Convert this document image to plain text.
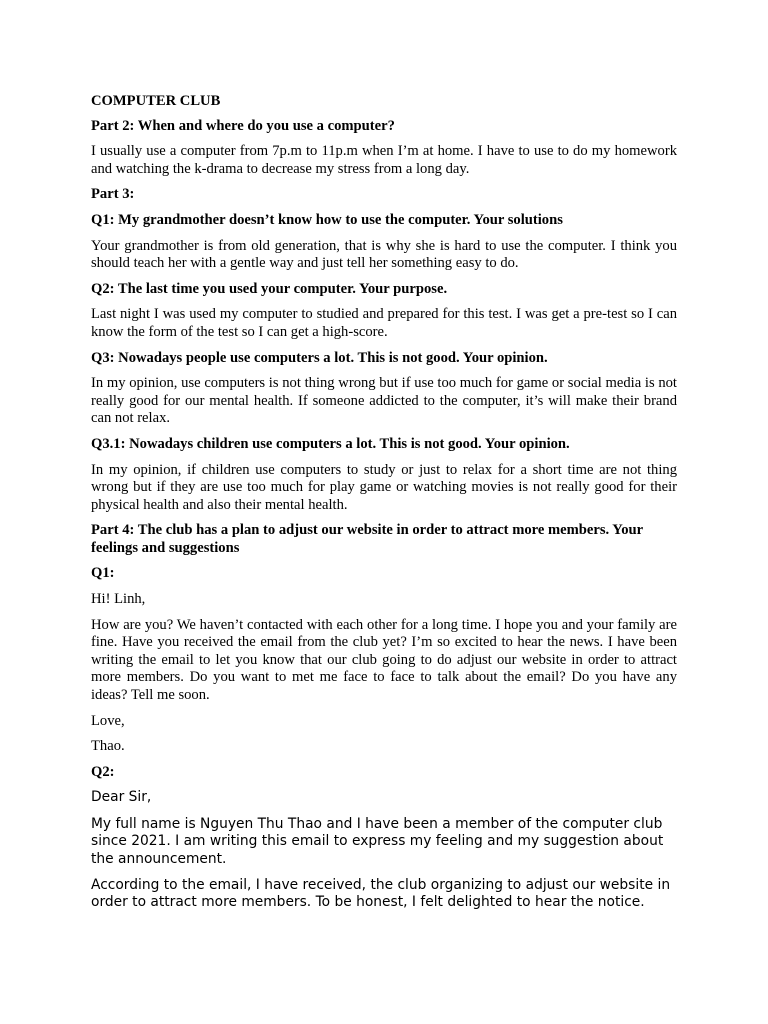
COMPUTER CLUB

Part 2: When and where do you use a computer?

I usually use a computer from 7p.m to 11p.m when I’m at home. I have to use to do my homework and watching the k-drama to decrease my stress from a long day.

Part 3:

Q1: My grandmother doesn’t know how to use the computer. Your solutions

Your grandmother is from old generation, that is why she is hard to use the computer. I think you should teach her with a gentle way and just tell her something easy to do.

Q2: The last time you used your computer. Your purpose.

Last night I was used my computer to studied and prepared for this test. I was get a pre-test so I can know the form of the test so I can get a high-score.

Q3: Nowadays people use computers a lot. This is not good. Your opinion.

In my opinion, use computers is not thing wrong but if use too much for game or social media is not really good for our mental health. If someone addicted to the computer, it’s will make their brand can not relax.

Q3.1: Nowadays children use computers a lot. This is not good. Your opinion.

In my opinion, if children use computers to study or just to relax for a short time are not thing wrong but if they are use too much for play game or watching movies is not really good for their physical health and also their mental health.

Part 4: The club has a plan to adjust our website in order to attract more members. Your feelings and suggestions

Q1:

Hi! Linh,

How are you? We haven’t contacted with each other for a long time. I hope you and your family are fine. Have you received the email from the club yet? I’m so excited to hear the news. I have been writing the email to let you know that our club going to do adjust our website in order to attract more members. Do you want to met me face to face to talk about the email? Do you have any ideas? Tell me soon.

Love,

Thao.

Q2:

Dear Sir,

My full name is Nguyen Thu Thao and I have been a member of the computer club since 2021. I am writing this email to express my feeling and my suggestion about the announcement.

According to the email, I have received, the club organizing to adjust our website in order to attract more members. To be honest, I felt delighted to hear the notice.
